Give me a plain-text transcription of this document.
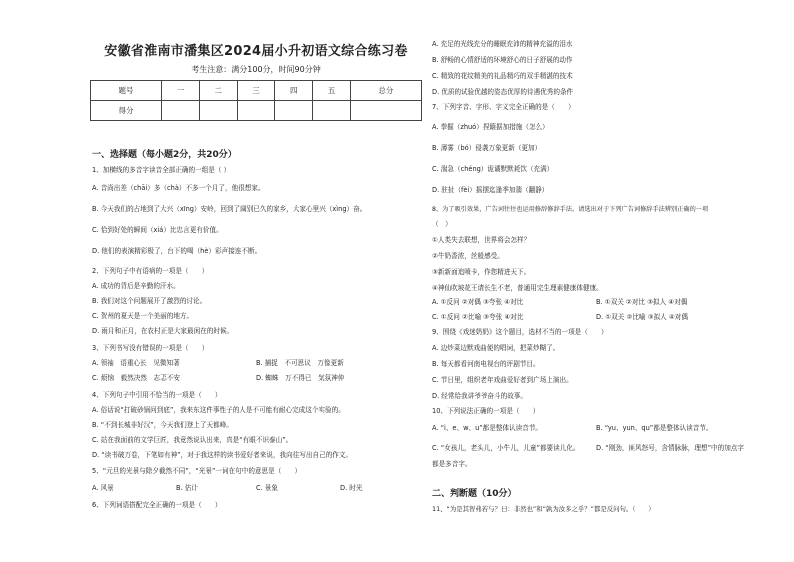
安徽省淮南市潘集区2024届小升初语文综合练习卷
考生注意：满分100分，时间90分钟
题号	一	二	三	四	五	总分
得分						
一、选择题（每小题2分，共20分）
1、加横线的多音字读音全部正确的一组是（ ）
A. 音尚出差（chāi）多（chà）不多一个月了，他很想家。
B. 今天我们的占地到了大兴（xīng）安岭，回到了阔别已久的家乡，大家心里兴（xìng）奋。
C. 恰到好处的瞬间（xiá）比忠言更有价值。
D. 他们的表演精彩极了，台下的喝（hè）彩声接连不断。
2、下列句子中有语病的一项是（　　）
A. 成功的背后是辛勤的汗水。
B. 我们对这个问题展开了激烈的讨论。
C. 贺州的夏天是一个美丽的地方。
D. 雨月和正月，在农村正是大家最闲在的时候。
3、下列书写没有错误的一项是（　　）
A. 领袖　语重心长　见微知著	B. 捕捉　不可思议　万像更新
C. 烦恼　毅然决然　志忑不安	D. 蜘蛛　万不得已　気氛神仲
4、下列句子中引用不恰当的一项是（　　）
A. 俗话说“打破砂锅问到底”，我来东这件事性子的人是不可能有耐心完成这个实验的。
B. “不到长城非好汉”，今天我们登上了天都峰。
C. 站在我面前的文学巨匠，我竟然说认出来，真是“有眼不识泰山”。
D. “读书破万卷，下笔如有神”，对于我这样的读书爱好者来说，我向往写出自己的作文。
5、“元旦的光景与除夕截然不同”，“光景”一词在句中的意思是（　　）
A. 风景	B. 估计	C. 景象	D. 时光
6、下列词语搭配完全正确的一项是（　　）
A. 充足的光线充分的睡眠充沛的精神充溢的泪水
B. 舒畅的心情舒适的环境舒心的日子舒展的动作
C. 精致的花纹精美的礼品精巧的双手精湛的技术
D. 优质的试验优越的姿态优厚的待遇优秀的条件
7、下列字音、字形、字义完全正确的是（　　）
A. 拳掘（zhuó）捏簸据加措施（怎么）
B. 薄雾（bó）侵袭万象更新（更加）
C. 湍急（chéng）诡谲默默耗饮（充满）
D. 驻扯（fèi）摇摆迄逢季加翡（翻静）
8、为了吸引效果，广告词往往也运用修辞修辞手法。请选出对于下列广告词修辞手法辨别正确的一项
（　）
①人类失去联想，世界将会怎样？
②牛奶香浓，丝般感受。
③新新面追喷卡，作您精进天下。
④神仙吹坡花王请长生不老，普通用完生理素健康体健康。
A. ①反问 ②对偶 ③夸张 ④对比	B. ①双关 ②对比 ③拟人 ④对偶
C. ①反问 ②比喻 ③夸张 ④对比	D. ①双关 ②比喻 ③拟人 ④对偶
9、围绕《戏迷奶奶》这个题目，选材不当的一项是（　　）
A. 边炒菜边默戏曲便的唱词，把菜炒糊了。
B. 每天都看河南电视台的评剧节目。
C. 节日里，组织老年戏曲爱好者到广场上演出。
D. 经常给我讲爷爷奋斗的故事。
10、下列说法正确的一项是（　　）
A. “i、e、w、u”都是整体认读音节。	B. “yu、yun、qu”都是整体认读音节。
C. “女孩儿，老头儿，小牛儿，儿童”都要读儿化。 D. “刚劲，匪风怒号，含情脉脉，理想”中的加点字
都是多音字。
二、判断题（10分）
11、“为是其智弗若与？曰：非然也”和“孰为汝多之乎？”都是反问句。（　　）
